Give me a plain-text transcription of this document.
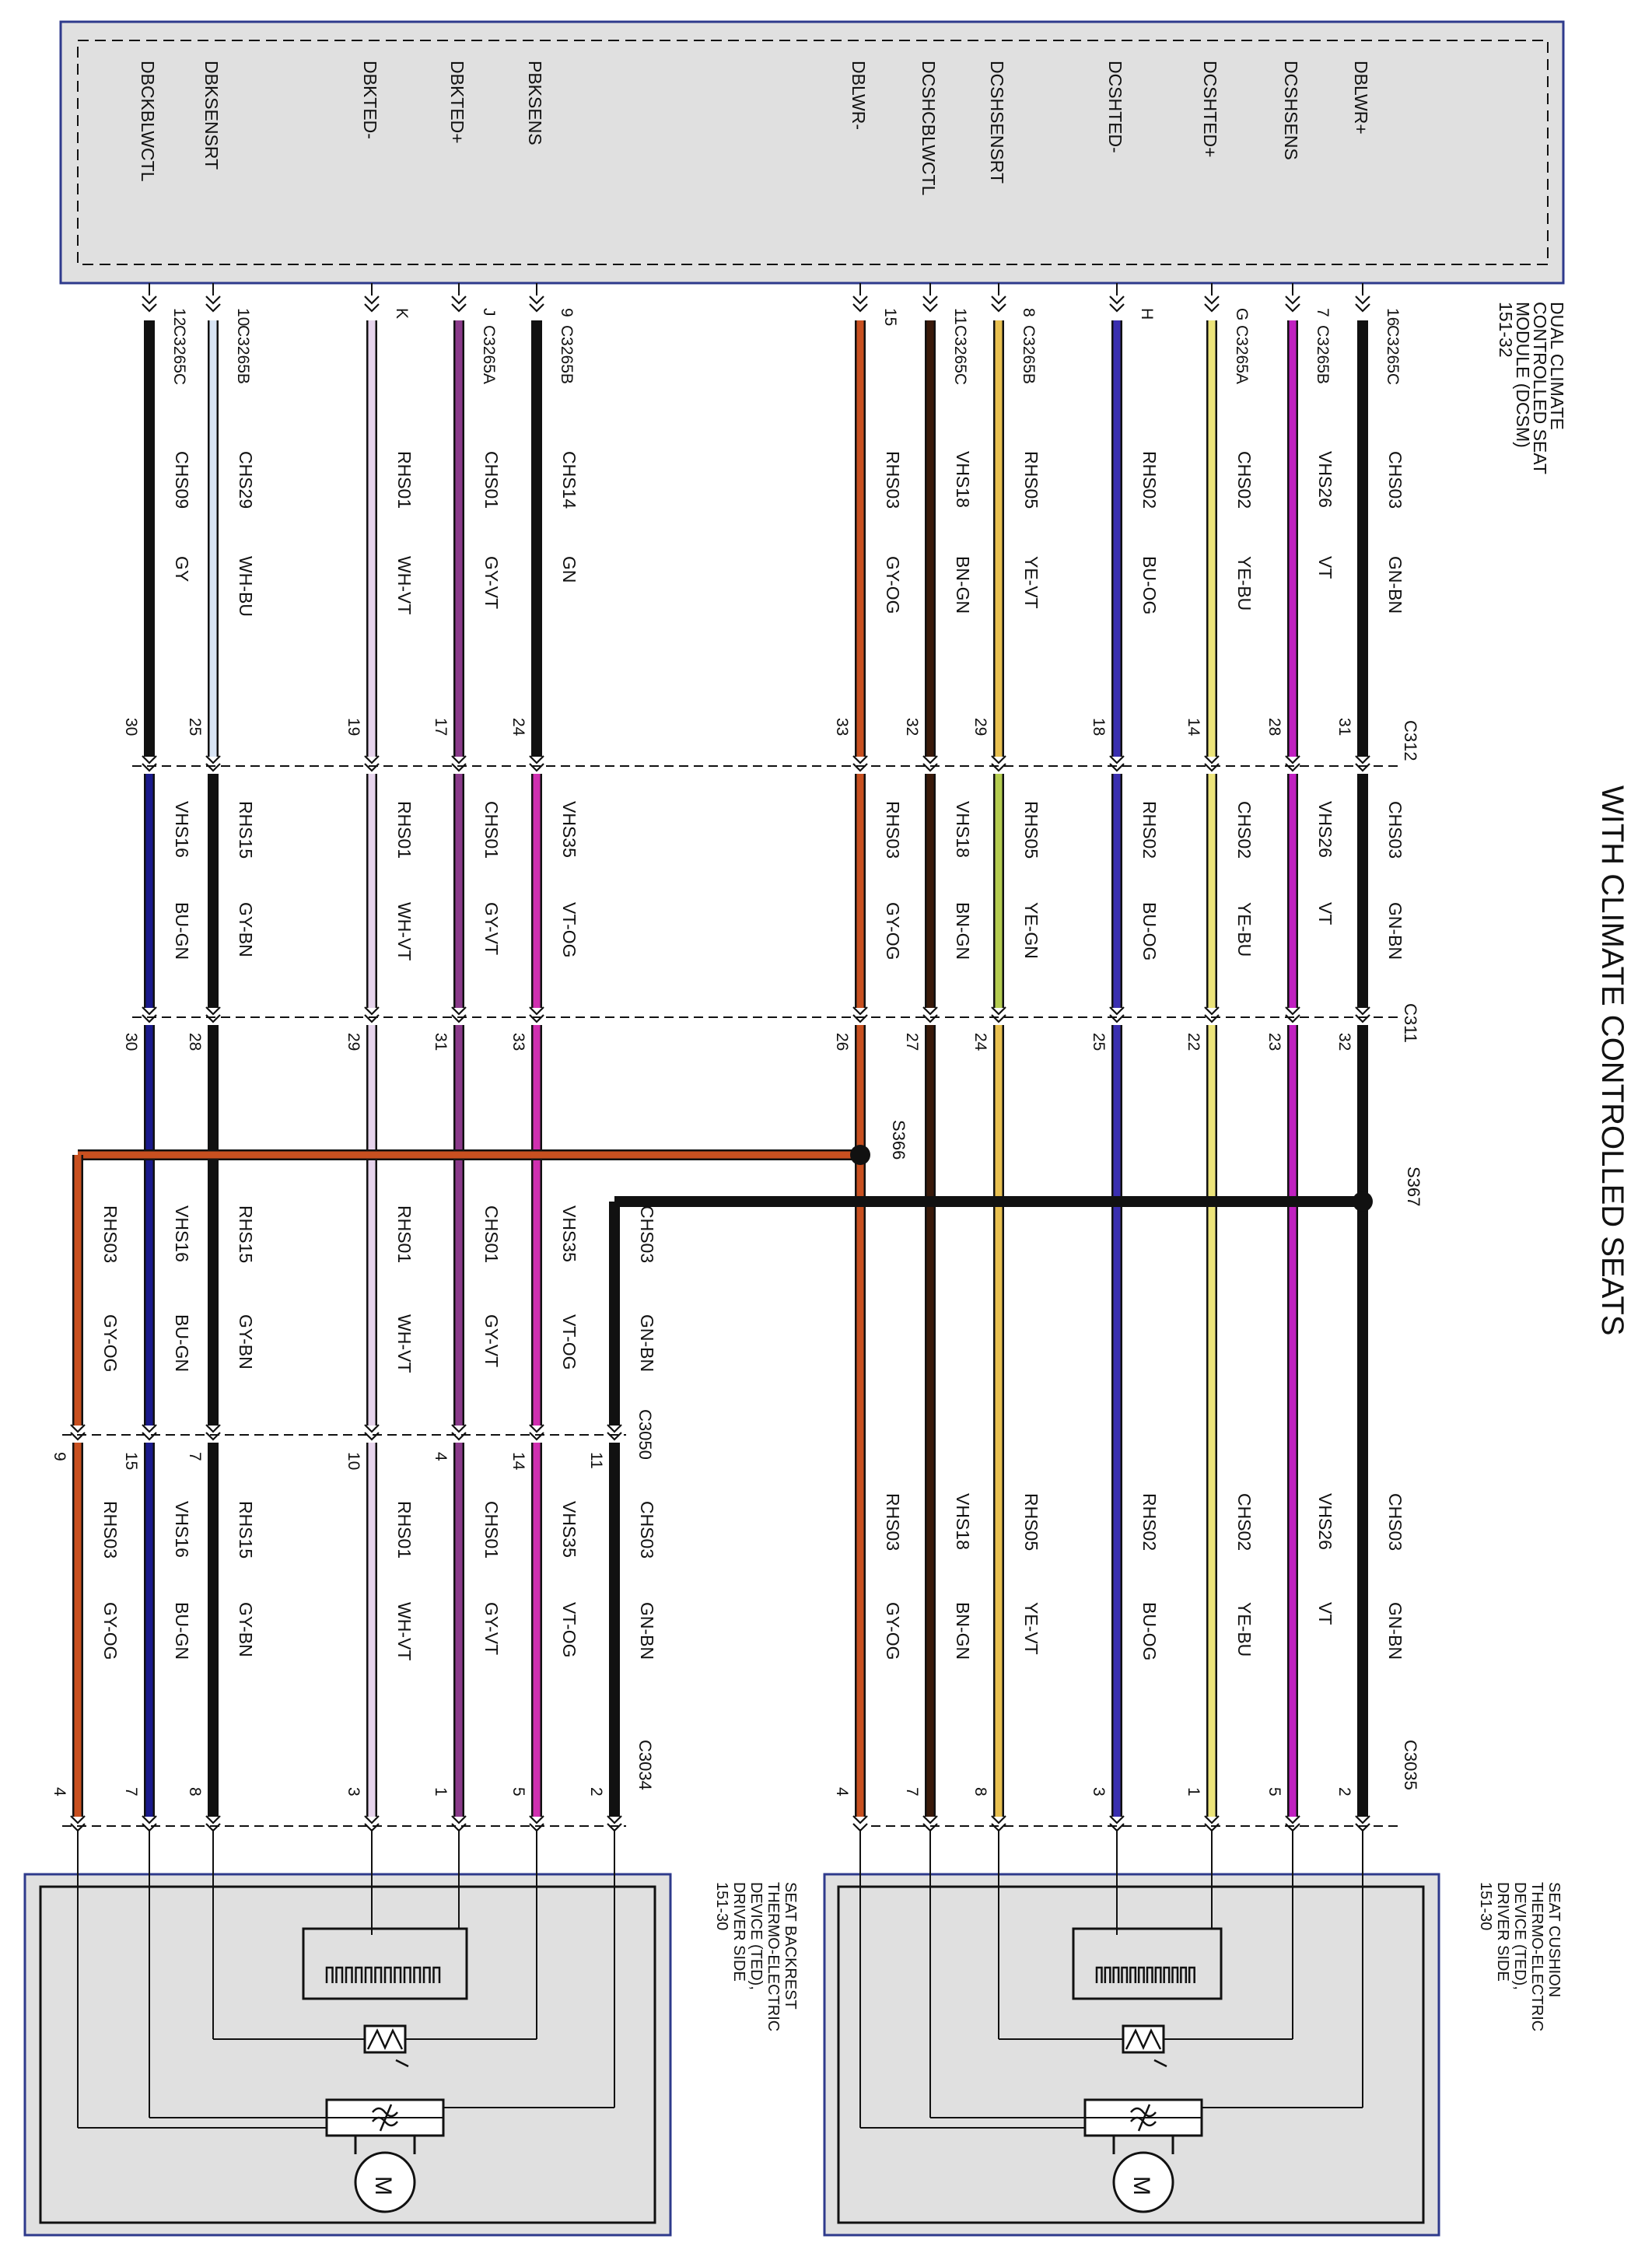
WITH CLIMATE CONTROLLED SEATS
DUAL CLIMATE
CONTROLLED SEAT
MODULE (DCSM)
151-32
C312
C311
C3050
C3034	C3035
SEAT CUSHION
THERMO-ELECTRIC
DEVICE (TED),
DRIVER SIDE
151-30
SEAT BACKREST
THERMO-ELECTRIC
DEVICE (TED),
DRIVER SIDE
151-30
M
M
DBLWR+
16
C3265C
CHS03
GN-BN
31
CHS03
GN-BN
32
CHS03
GN-BN
2
DCSHSENS
7
C3265B
VHS26
VT
28
VHS26
VT
23
VHS26
VT
5
DCSHTED+
G
C3265A
CHS02
YE-BU
14
CHS02
YE-BU
22
CHS02
YE-BU
1
DCSHTED-
H
RHS02
BU-OG
18
RHS02
BU-OG
25
RHS02
BU-OG
3
DCSHSENSRT
8
C3265B
RHS05
YE-VT
29
RHS05
YE-GN
24
RHS05
YE-VT
8
DCSHCBLWCTL
11
C3265C
VHS18
BN-GN
32
VHS18
BN-GN
27
VHS18
BN-GN
7
DBLWR-
15
RHS03
GY-OG
33
RHS03
GY-OG
26
RHS03
GY-OG
4
PBKSENS
9
C3265B
CHS14
GN
24
VHS35
VT-OG
33
VHS35
VT-OG
14
VHS35
VT-OG
5
DBKTED+
J
C3265A
CHS01
GY-VT
17
CHS01
GY-VT
31
CHS01
GY-VT
4
CHS01
GY-VT
1
DBKTED-
K
RHS01
WH-VT
19
RHS01
WH-VT
29
RHS01
WH-VT
10
RHS01
WH-VT
3
DBKSENSRT
10
C3265B
CHS29
WH-BU
25
RHS15
GY-BN
28
RHS15
GY-BN
7
RHS15
GY-BN
8
DBCKBLWCTL
12
C3265C
CHS09
GY
30
VHS16
BU-GN
30
VHS16
BU-GN
15
VHS16
BU-GN
7
CHS03
GN-BN
11
CHS03
GN-BN
2
RHS03
GY-OG
9
RHS03
GY-OG
4
S366
S367
